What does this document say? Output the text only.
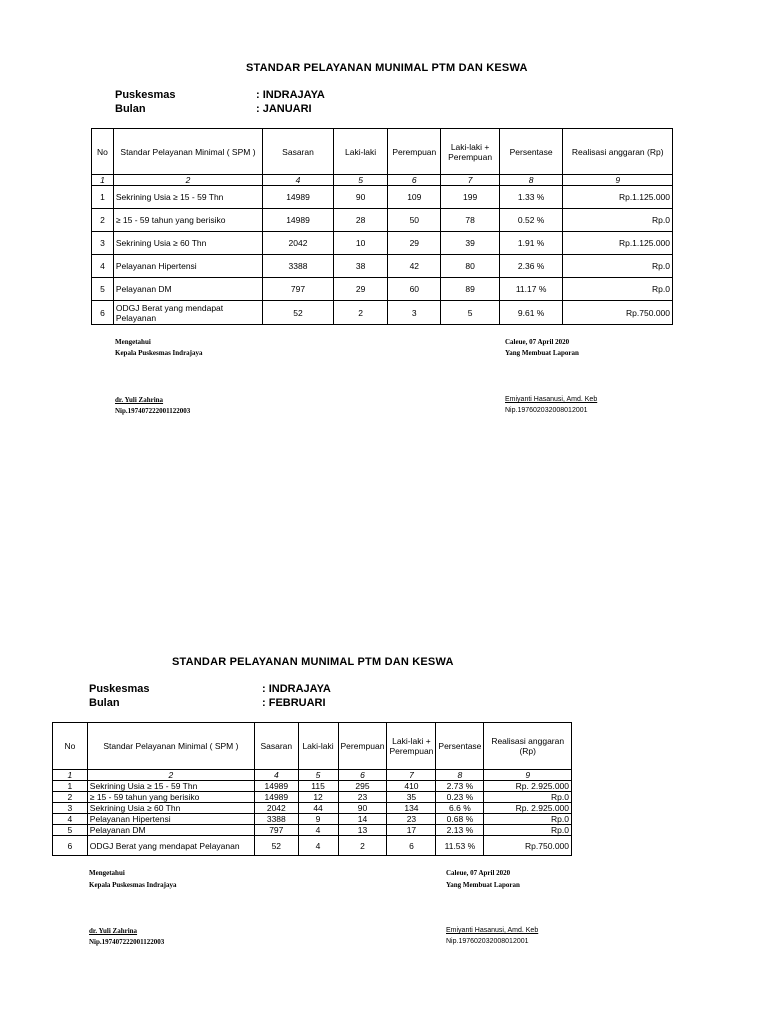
STANDAR PELAYANAN MUNIMAL PTM DAN KESWA
Puskesmas	: INDRAJAYA
Bulan	: JANUARI
No	Standar Pelayanan Minimal ( SPM )	Sasaran	Laki-laki	Perempuan	Laki-laki + Perempuan	Persentase	Realisasi anggaran (Rp)
1	2	4	5	6	7	8	9
1	Sekrining Usia ≥ 15 - 59 Thn	14989	90	109	199	1.33 %	Rp.1.125.000
2	≥ 15 - 59 tahun yang berisiko	14989	28	50	78	0.52 %	Rp.0
3	Sekrining Usia ≥ 60 Thn	2042	10	29	39	1.91 %	Rp.1.125.000
4	Pelayanan Hipertensi	3388	38	42	80	2.36 %	Rp.0
5	Pelayanan DM	797	29	60	89	11.17 %	Rp.0
6	ODGJ Berat yang mendapat Pelayanan	52	2	3	5	9.61 %	Rp.750.000
Mengetahui
Kepala Puskesmas Indrajaya
dr. Yuli Zahrina
Nip.197407222001122003
Caleue, 07 April 2020
Yang Membuat Laporan
Emiyanti Hasanusi, Amd. Keb
Nip.197602032008012001
STANDAR PELAYANAN MUNIMAL PTM DAN KESWA
Puskesmas	: INDRAJAYA
Bulan	: FEBRUARI
No	Standar Pelayanan Minimal ( SPM )	Sasaran	Laki-laki	Perempuan	Laki-laki + Perempuan	Persentase	Realisasi anggaran (Rp)
1	2	4	5	6	7	8	9
1	Sekrining Usia ≥ 15 - 59 Thn	14989	115	295	410	2.73 %	Rp. 2.925.000
2	≥ 15 - 59 tahun yang berisiko	14989	12	23	35	0.23 %	Rp.0
3	Sekrining Usia ≥ 60 Thn	2042	44	90	134	6.6 %	Rp. 2.925.000
4	Pelayanan Hipertensi	3388	9	14	23	0.68 %	Rp.0
5	Pelayanan DM	797	4	13	17	2.13 %	Rp.0
6	ODGJ Berat yang mendapat Pelayanan	52	4	2	6	11.53 %	Rp.750.000
Mengetahui
Kepala Puskesmas Indrajaya
dr. Yuli Zahrina
Nip.197407222001122003
Caleue, 07 April 2020
Yang Membuat Laporan
Emiyanti Hasanusi, Amd. Keb
Nip.197602032008012001
